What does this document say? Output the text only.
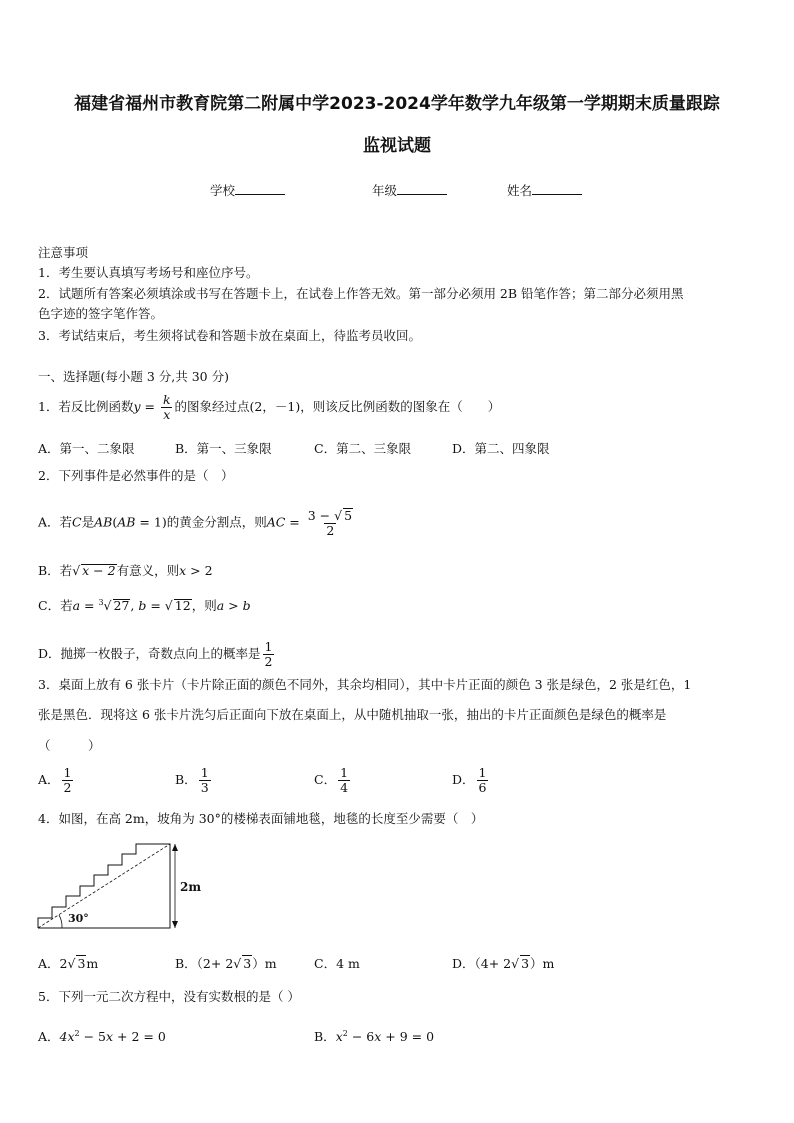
福建省福州市教育院第二附属中学2023-2024学年数学九年级第一学期期末质量跟踪
监视试题
学校	年级	姓名
注意事项
1．考生要认真填写考场号和座位序号。
2．试题所有答案必须填涂或书写在答题卡上，在试卷上作答无效。第一部分必须用 2B 铅笔作答；第二部分必须用黑
色字迹的签字笔作答。
3．考试结束后，考生须将试卷和答题卡放在桌面上，待监考员收回。
一、选择题(每小题 3 分,共 30 分)
1．若反比例函数$y = \frac{k}{x}$ 的图象经过点(2，－1)，则该反比例函数的图象在（　　）
A．第一、二象限	B．第一、三象限	C．第二、三象限	D．第二、四象限
2．下列事件是必然事件的是（　）
A．若C是AB(AB = 1)的黄金分割点，则AC = $\frac{3 - √ 5}{2}$
B．若√ x − 2有意义，则x > 2
C．若a = $^3$√ 27, b = √ 12，则a > b
D．抛掷一枚骰子，奇数点向上的概率是 $\frac{1}{2}$
3．桌面上放有 6 张卡片（卡片除正面的颜色不同外，其余均相同），其中卡片正面的颜色 3 张是绿色，2 张是红色，1
张是黑色．现将这 6 张卡片洗匀后正面向下放在桌面上，从中随机抽取一张，抽出的卡片正面颜色是绿色的概率是
（　　　）
A． $\frac{1}{2}$	B． $\frac{1}{3}$	C． $\frac{1}{4}$	D． $\frac{1}{6}$
4．如图，在高 2m，坡角为 30°的楼梯表面铺地毯，地毯的长度至少需要（　）
2m
30°
A．2√ 3m	B．（2+ 2√ 3）m	C．4 m	D．（4+ 2√ 3）m
5．下列一元二次方程中，没有实数根的是（ ）
A．$4x^2 - 5x + 2 = 0$	B．$x^2 - 6x + 9 = 0$
